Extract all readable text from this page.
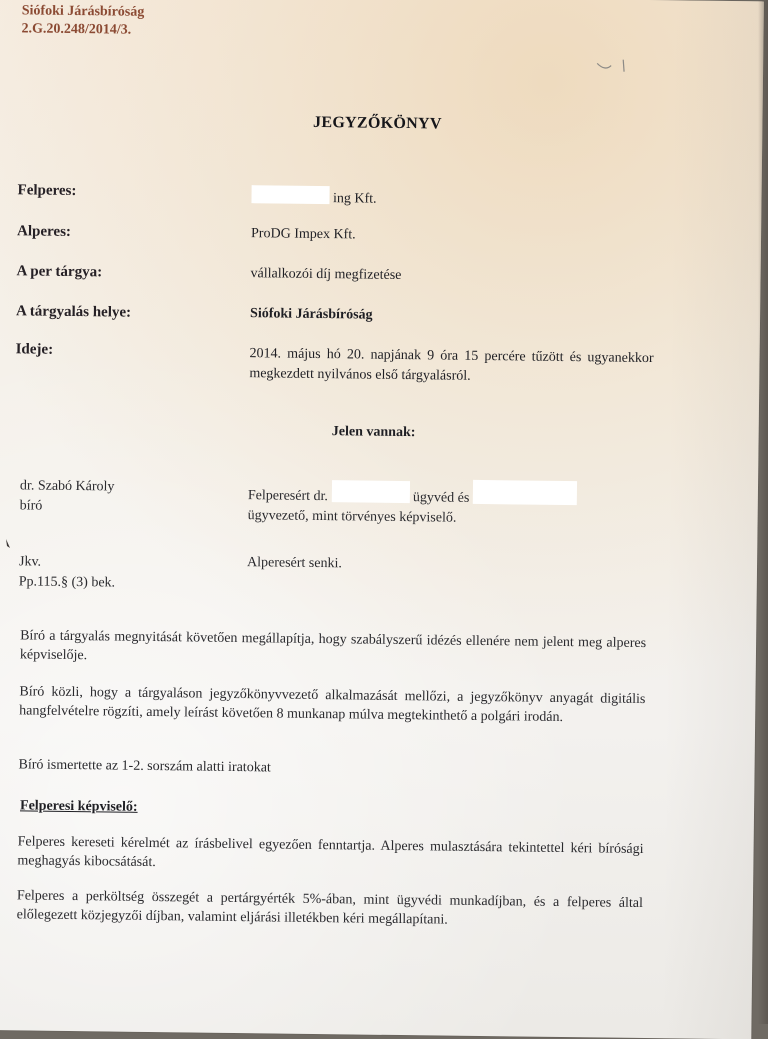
Siófoki Járásbíróság
2.G.20.248/2014/3.
JEGYZŐKÖNYV
Felperes:	ing Kft.
Alperes:	ProDG Impex Kft.
A per tárgya:	vállalkozói díj megfizetése
A tárgyalás helye:	Siófoki Járásbíróság
Ideje:	2014. május hó 20. napjának 9 óra 15 percére tűzött és ugyanekkor megkezdett nyilvános első tárgyalásról.
Jelen vannak:
dr. Szabó Károly
bíró
Felperesért dr.	ügyvéd és
ügyvezető, mint törvényes képviselő.
Jkv.
Pp.115.§ (3) bek.
Alperesért senki.
Bíró a tárgyalás megnyitását követően megállapítja, hogy szabályszerű idézés ellenére nem jelent meg alperes képviselője.
Bíró közli, hogy a tárgyaláson jegyzőkönyvvezető alkalmazását mellőzi, a jegyzőkönyv anyagát digitális hangfelvételre rögzíti, amely leírást követően 8 munkanap múlva megtekinthető a polgári irodán.
Bíró ismertette az 1-2. sorszám alatti iratokat
Felperesi képviselő:
Felperes kereseti kérelmét az írásbelivel egyezően fenntartja. Alperes mulasztására tekintettel kéri bírósági meghagyás kibocsátását.
Felperes a perköltség összegét a pertárgyérték 5%-ában, mint ügyvédi munkadíjban, és a felperes által előlegezett közjegyzői díjban, valamint eljárási illetékben kéri megállapítani.
